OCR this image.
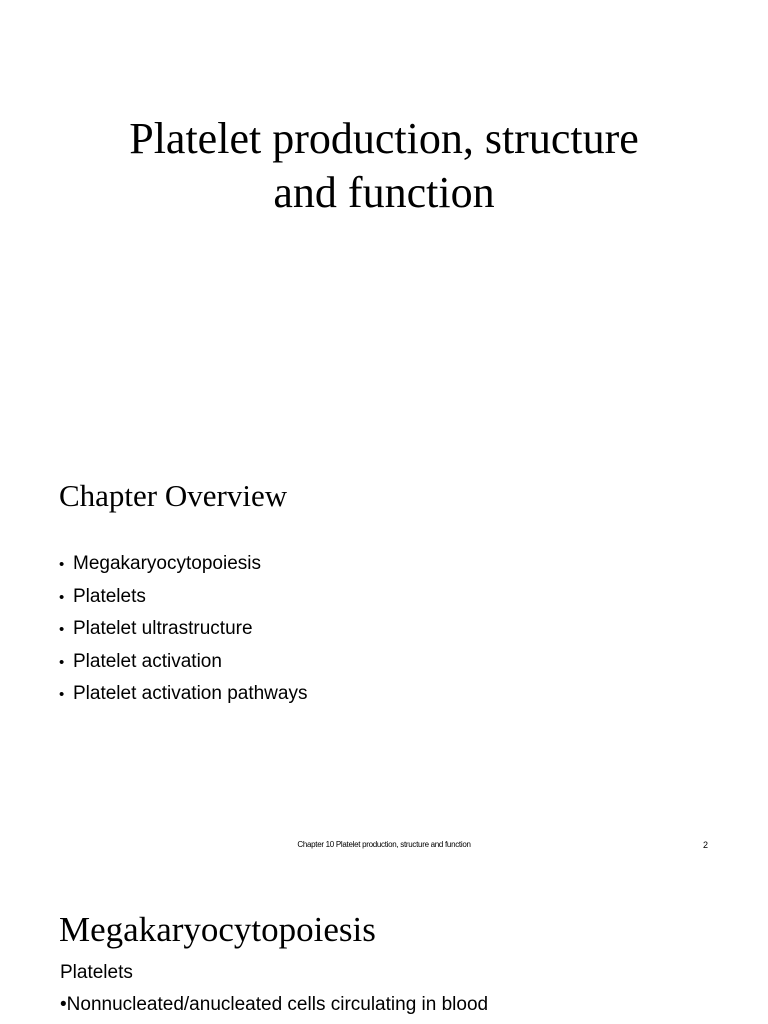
Platelet production, structure
and function
Chapter Overview
• Megakaryocytopoiesis
• Platelets
• Platelet ultrastructure
• Platelet activation
• Platelet activation pathways
Chapter 10 Platelet production, structure and function	2
Megakaryocytopoiesis
Platelets
•Nonnucleated/anucleated cells circulating in blood
